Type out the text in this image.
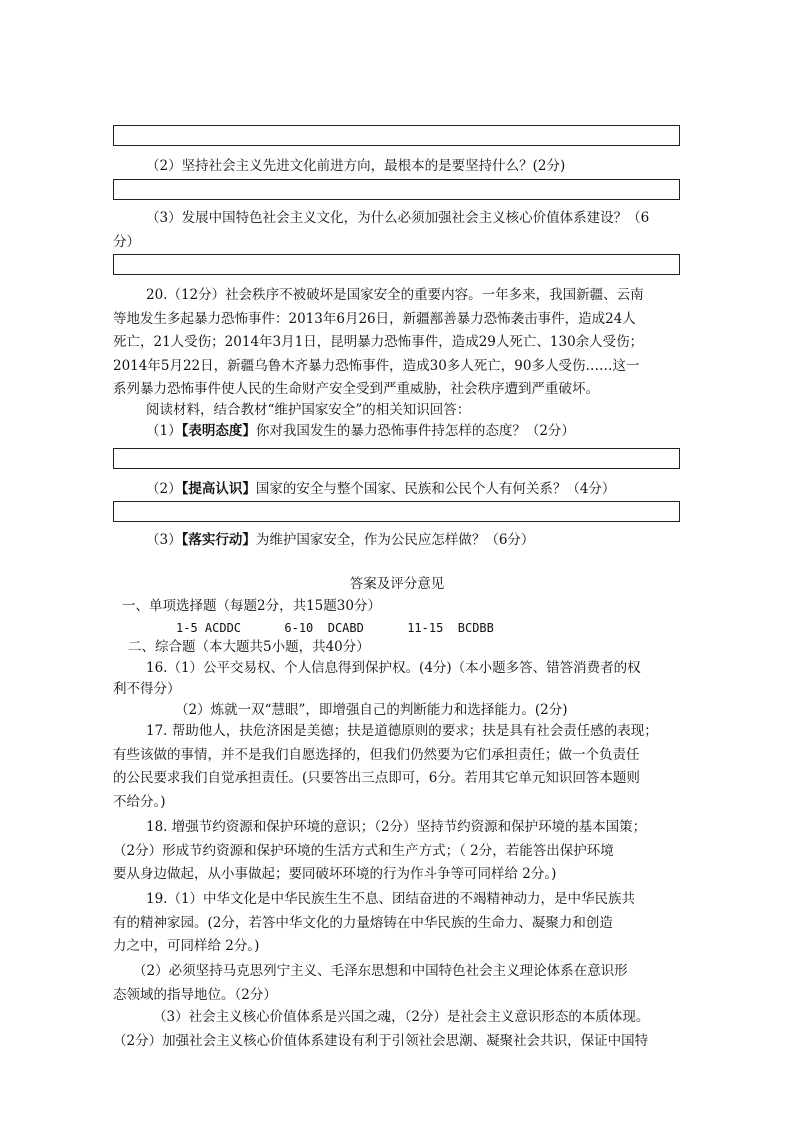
（2）坚持社会主义先进文化前进方向，最根本的是要坚持什么？(2分)
（3）发展中国特色社会主义文化，为什么必须加强社会主义核心价值体系建设？（6
分）
20.（12分）社会秩序不被破坏是国家安全的重要内容。一年多来，我国新疆、云南
等地发生多起暴力恐怖事件：2013年6月26日，新疆鄯善暴力恐怖袭击事件，造成24人
死亡，21人受伤；2014年3月1日，昆明暴力恐怖事件，造成29人死亡、130余人受伤；
2014年5月22日，新疆乌鲁木齐暴力恐怖事件，造成30多人死亡，90多人受伤……这一
系列暴力恐怖事件使人民的生命财产安全受到严重威胁，社会秩序遭到严重破坏。
阅读材料，结合教材“维护国家安全”的相关知识回答：
（1）【表明态度】你对我国发生的暴力恐怖事件持怎样的态度？（2分）
（2）【提高认识】国家的安全与整个国家、民族和公民个人有何关系？（4分）
（3）【落实行动】为维护国家安全，作为公民应怎样做？（6分）
答案及评分意见
一、单项选择题（每题2分，共15题30分）
1-5 ACDDC      6-10  DCABD      11-15  BCDBB
二、综合题（本大题共5小题，共40分）
16.（1）公平交易权、个人信息得到保护权。(4分)（本小题多答、错答消费者的权
利不得分）
（2）炼就一双“慧眼”，即增强自己的判断能力和选择能力。(2分)
17. 帮助他人，扶危济困是美德；扶是道德原则的要求；扶是具有社会责任感的表现；
有些该做的事情，并不是我们自愿选择的，但我们仍然要为它们承担责任；做一个负责任
的公民要求我们自觉承担责任。(只要答出三点即可，6分。若用其它单元知识回答本题则
不给分。)
18. 增强节约资源和保护环境的意识；（2分）坚持节约资源和保护环境的基本国策；
（2分）形成节约资源和保护环境的生活方式和生产方式；（ 2分，若能答出保护环境
要从身边做起，从小事做起；要同破坏环境的行为作斗争等可同样给 2分。)
19.（1）中华文化是中华民族生生不息、团结奋进的不竭精神动力，是中华民族共
有的精神家园。(2分，若答中华文化的力量熔铸在中华民族的生命力、凝聚力和创造
力之中，可同样给 2分。)
（2）必须坚持马克思列宁主义、毛泽东思想和中国特色社会主义理论体系在意识形
态领域的指导地位。（2分）
（3）社会主义核心价值体系是兴国之魂，（2分）是社会主义意识形态的本质体现。
（2分）加强社会主义核心价值体系建设有利于引领社会思潮、凝聚社会共识，保证中国特
